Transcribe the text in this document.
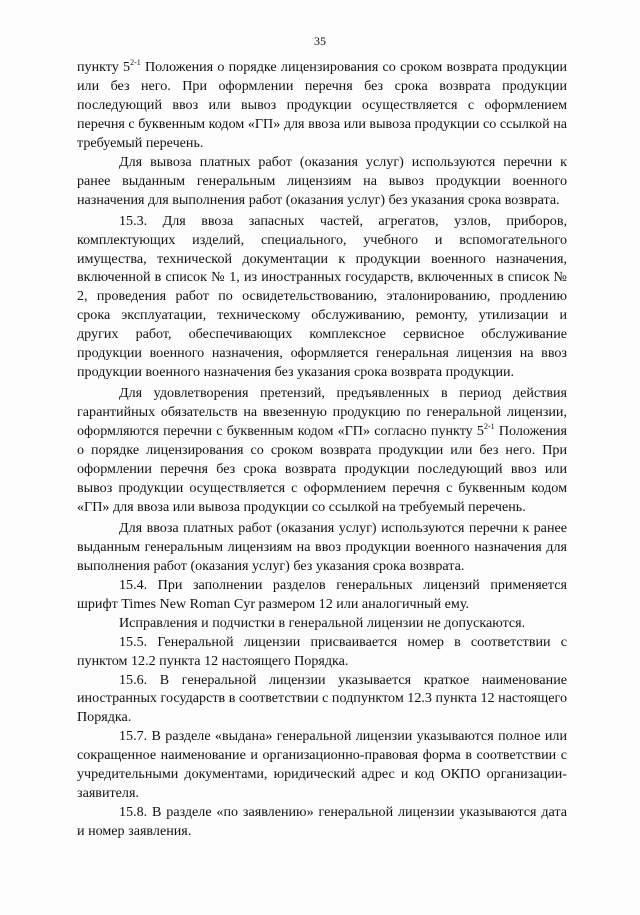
35

пункту 5$^{2-1}$ Положения о порядке лицензирования со сроком возврата продукции или без него. При оформлении перечня без срока возврата продукции последующий ввоз или вывоз продукции осуществляется с оформлением перечня с буквенным кодом «ГП» для ввоза или вывоза продукции со ссылкой на требуемый перечень.

Для вывоза платных работ (оказания услуг) используются перечни к ранее выданным генеральным лицензиям на вывоз продукции военного назначения для выполнения работ (оказания услуг) без указания срока возврата.

15.3. Для ввоза запасных частей, агрегатов, узлов, приборов, комплектующих изделий, специального, учебного и вспомогательного имущества, технической документации к продукции военного назначения, включенной в список № 1, из иностранных государств, включенных в список № 2, проведения работ по освидетельствованию, эталонированию, продлению срока эксплуатации, техническому обслуживанию, ремонту, утилизации и других работ, обеспечивающих комплексное сервисное обслуживание продукции военного назначения, оформляется генеральная лицензия на ввоз продукции военного назначения без указания срока возврата продукции.

Для удовлетворения претензий, предъявленных в период действия гарантийных обязательств на ввезенную продукцию по генеральной лицензии, оформляются перечни с буквенным кодом «ГП» согласно пункту 5$^{2-1}$ Положения о порядке лицензирования со сроком возврата продукции или без него. При оформлении перечня без срока возврата продукции последующий ввоз или вывоз продукции осуществляется с оформлением перечня с буквенным кодом «ГП» для ввоза или вывоза продукции со ссылкой на требуемый перечень.

Для ввоза платных работ (оказания услуг) используются перечни к ранее выданным генеральным лицензиям на ввоз продукции военного назначения для выполнения работ (оказания услуг) без указания срока возврата.

15.4. При заполнении разделов генеральных лицензий применяется шрифт Times New Roman Cyr размером 12 или аналогичный ему.

Исправления и подчистки в генеральной лицензии не допускаются.

15.5. Генеральной лицензии присваивается номер в соответствии с пунктом 12.2 пункта 12 настоящего Порядка.

15.6. В генеральной лицензии указывается краткое наименование иностранных государств в соответствии с подпунктом 12.3 пункта 12 настоящего Порядка.

15.7. В разделе «выдана» генеральной лицензии указываются полное или сокращенное наименование и организационно-правовая форма в соответствии с учредительными документами, юридический адрес и код ОКПО организации-заявителя.

15.8. В разделе «по заявлению» генеральной лицензии указываются дата и номер заявления.
